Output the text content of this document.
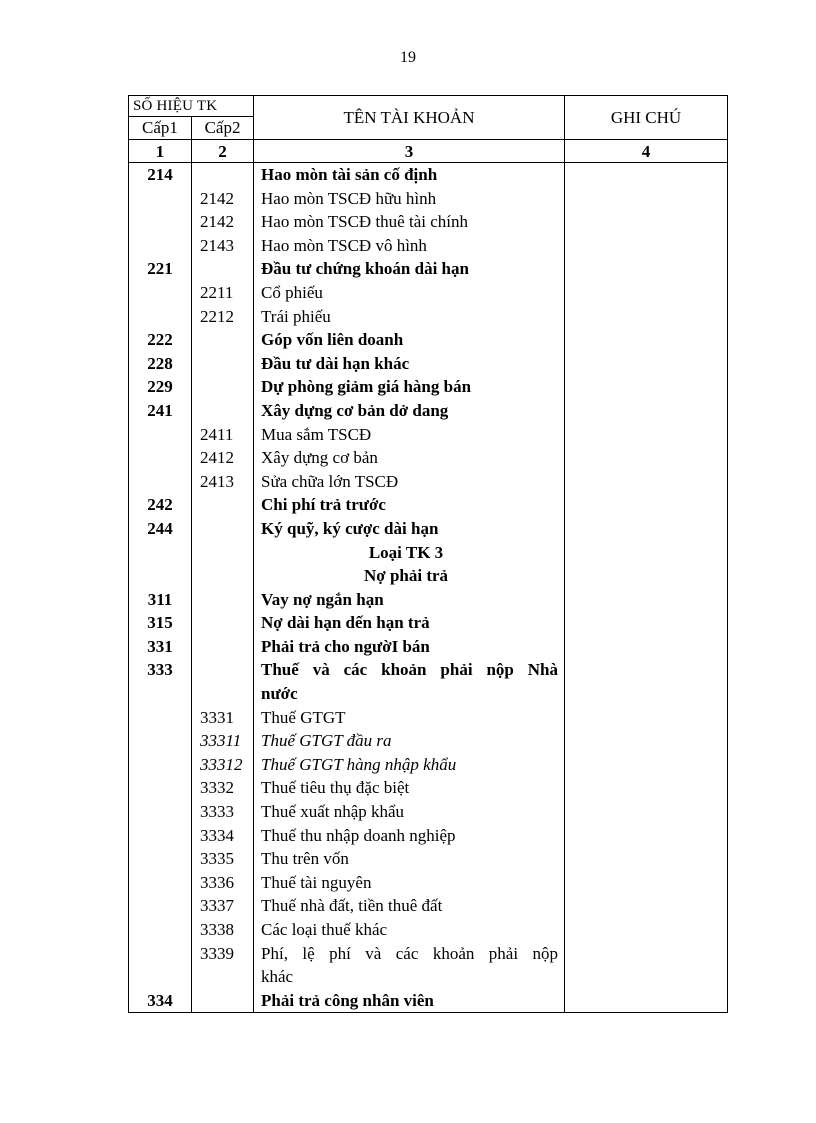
19
SỐ HIỆU TK		TÊN TÀI KHOẢN	GHI CHÚ
Cấp1	Cấp2		
1	2	3	4
214		Hao mòn tài sản cố định	
	2142	Hao mòn TSCĐ hữu hình	
	2142	Hao mòn TSCĐ thuê tài chính	
	2143	Hao mòn TSCĐ vô hình	
221		Đầu tư chứng khoán dài hạn	
	2211	Cổ phiếu	
	2212	Trái phiếu	
222		Góp vốn liên doanh	
228		Đầu tư dài hạn khác	
229		Dự phòng giảm giá hàng bán	
241		Xây dựng cơ bản dở dang	
	2411	Mua sắm TSCĐ	
	2412	Xây dựng cơ bản	
	2413	Sửa chữa lớn TSCĐ	
242		Chi phí trả trước	
244		Ký quỹ, ký cược dài hạn	
		Loại TK 3	
		Nợ phải trả	
311		Vay nợ ngắn hạn	
315		Nợ dài hạn dến hạn trả	
331		Phải trả cho ngườI bán	
333		Thuế và các khoản phải nộp Nhà
nước	

	3331	Thuế GTGT	
	33311	Thuế GTGT đầu ra	
	33312	Thuế GTGT hàng nhập khẩu	
	3332	Thuế tiêu thụ đặc biệt	
	3333	Thuế xuất nhập khẩu	
	3334	Thuế thu nhập doanh nghiệp	
	3335	Thu trên vốn	
	3336	Thuế tài nguyên	
	3337	Thuế nhà đất, tiền thuê đất	
	3338	Các loại thuế khác	
	3339	Phí, lệ phí và các khoản phải nộp
khác	

334		Phải trả công nhân viên	
